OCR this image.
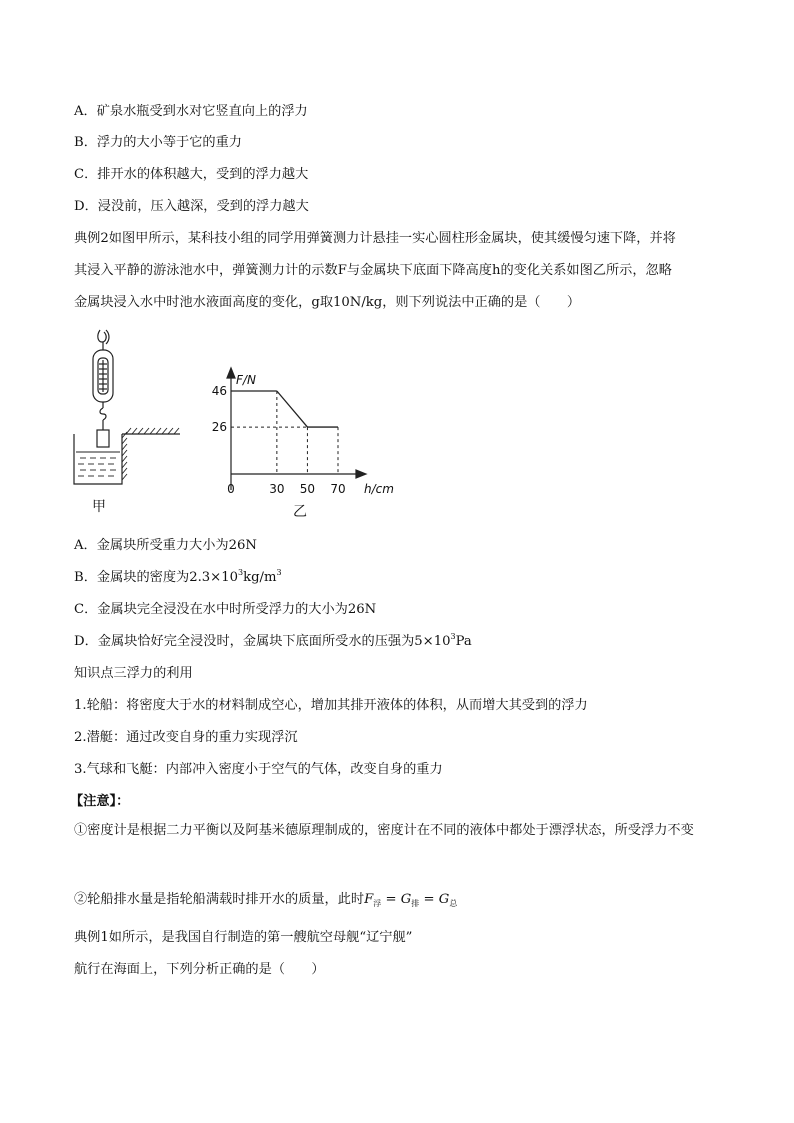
A．矿泉水瓶受到水对它竖直向上的浮力
B．浮力的大小等于它的重力
C．排开水的体积越大，受到的浮力越大
D．浸没前，压入越深，受到的浮力越大
典例2如图甲所示，某科技小组的同学用弹簧测力计悬挂一实心圆柱形金属块，使其缓慢匀速下降，并将
其浸入平静的游泳池水中，弹簧测力计的示数F与金属块下底面下降高度h的变化关系如图乙所示，忽略
金属块浸入水中时池水液面高度的变化，g取10N/kg，则下列说法中正确的是（　　）
甲
0	30 50 70
46
26
F/N
h/cm
乙
A．金属块所受重力大小为26N
B．金属块的密度为$2.3\times 10^3kg/m^3$
C．金属块完全浸没在水中时所受浮力的大小为26N
D．金属块恰好完全浸没时，金属块下底面所受水的压强为$5\times 10^3Pa$
知识点三浮力的利用
1.轮船：将密度大于水的材料制成空心，增加其排开液体的体积，从而增大其受到的浮力
2.潜艇：通过改变自身的重力实现浮沉
3.气球和飞艇：内部冲入密度小于空气的气体，改变自身的重力
【注意】：
①密度计是根据二力平衡以及阿基米德原理制成的，密度计在不同的液体中都处于漂浮状态，所受浮力不变
②轮船排水量是指轮船满载时排开水的质量，此时$F_浮 = G_排 = G_总$
典例1如所示，是我国自行制造的第一艘航空母舰“辽宁舰”
航行在海面上，下列分析正确的是（　　）
